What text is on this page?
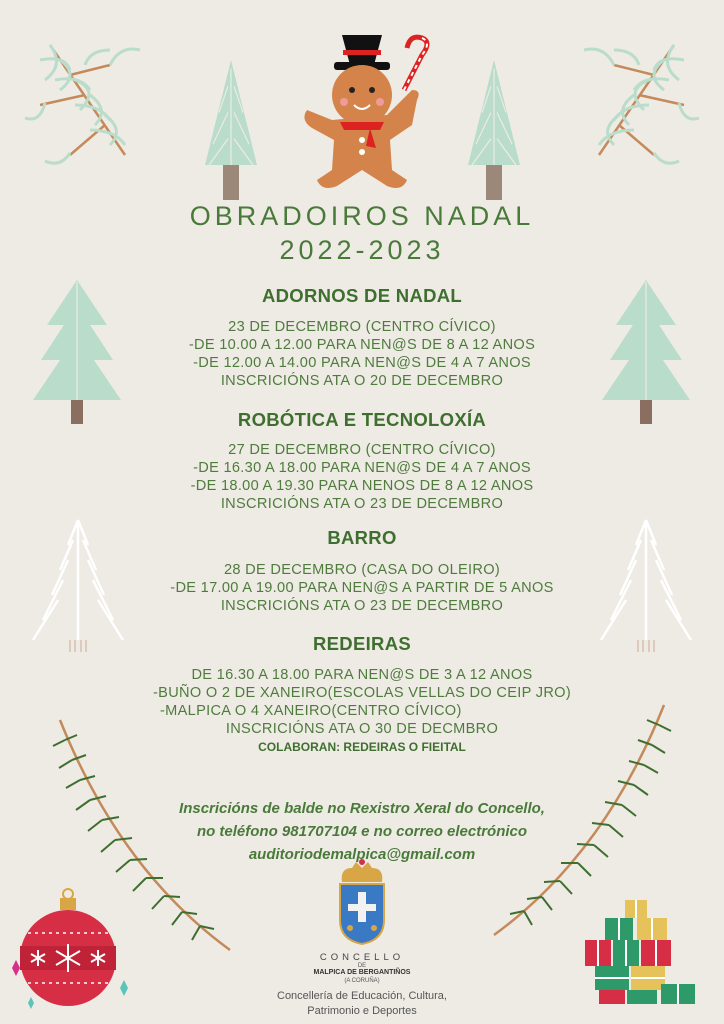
OBRADOIROS NADAL
2022-2023
ADORNOS DE NADAL
23 DE DECEMBRO (CENTRO CÍVICO)
-DE 10.00 A 12.00 PARA NEN@S DE 8 A 12 ANOS
-DE 12.00 A 14.00 PARA NEN@S DE 4 A 7 ANOS
INSCRICIÓNS ATA O 20 DE DECEMBRO
ROBÓTICA E TECNOLOXÍA
27 DE DECEMBRO (CENTRO CÍVICO)
-DE 16.30 A 18.00 PARA NEN@S DE 4 A 7 ANOS
-DE 18.00 A 19.30 PARA NENOS DE 8 A 12 ANOS
INSCRICIÓNS ATA O 23 DE DECEMBRO
BARRO
28 DE DECEMBRO (CASA DO OLEIRO)
-DE 17.00 A 19.00 PARA NEN@S A PARTIR DE 5 ANOS
INSCRICIÓNS ATA O 23 DE DECEMBRO
REDEIRAS
DE 16.30 A 18.00 PARA NEN@S DE 3 A 12 ANOS
-BUÑO O 2 DE XANEIRO(ESCOLAS VELLAS DO CEIP JRO)
-MALPICA O 4 XANEIRO(CENTRO CÍVICO)
INSCRICIÓNS ATA O 30 DE DECMBRO
COLABORAN: REDEIRAS O FIEITAL
Inscricións de balde no Rexistro Xeral do Concello,
no teléfono 981707104 e no correo electrónico
auditoriodemalpica@gmail.com
CONCELLO
DE
MALPICA DE BERGANTIÑOS
(A CORUÑA)
Concellería de Educación, Cultura,
Patrimonio e Deportes
